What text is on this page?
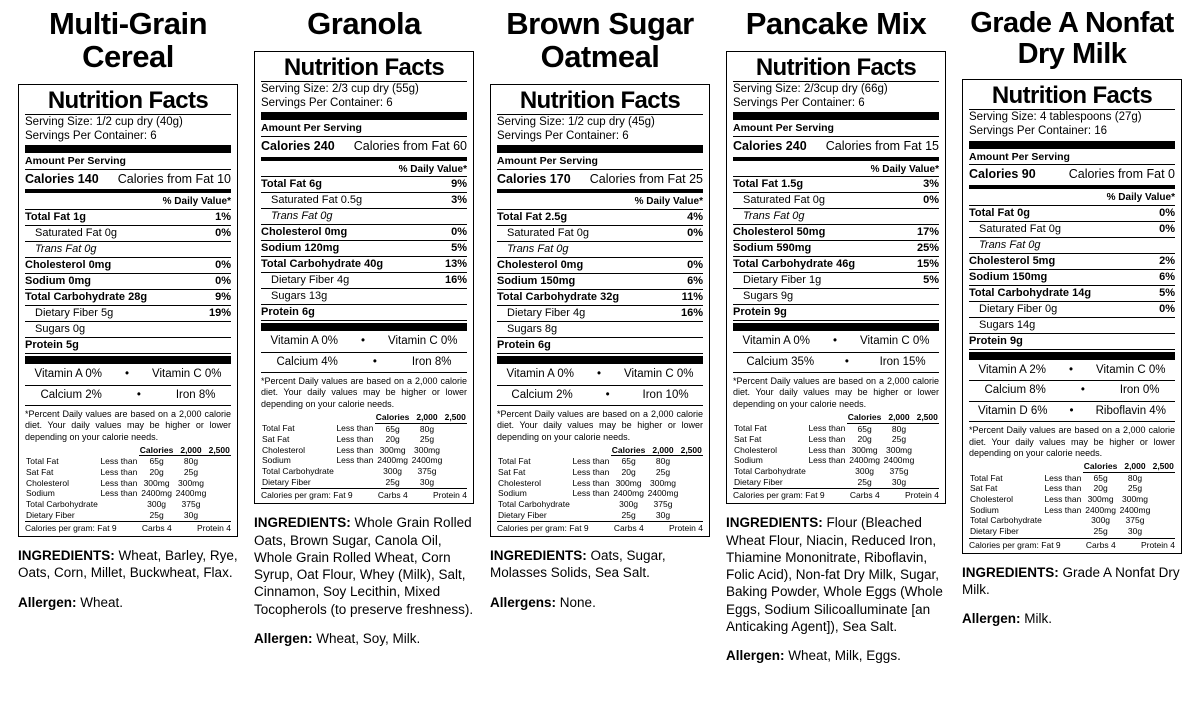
Multi-Grain Cereal
Nutrition Facts
Serving Size: 1/2 cup dry (40g)
Servings Per Container: 6
Amount Per Serving
Calories 140 Calories from Fat 10
% Daily Value*
Total Fat 1g	1%
Saturated Fat 0g	0%
Trans Fat 0g
Cholesterol 0mg	0%
Sodium 0mg	0%
Total Carbohydrate 28g	9%
Dietary Fiber 5g	19%
Sugars 0g
Protein 5g
Vitamin A 0%	•	Vitamin C 0%
Calcium 2%	•	Iron 8%
*Percent Daily values are based on a 2,000 calorie diet. Your daily values may be higher or lower depending on your calorie needs.
		Calories	2,000	2,500
Total Fat	Less than	65g	80g	
Sat Fat	Less than	20g	25g	
Cholesterol	Less than	300mg	300mg	
Sodium	Less than	2400mg	2400mg	
Total Carbohydrate		300g	375g	
Dietary Fiber		25g	30g	
Calories per gram: Fat 9	Carbs 4	Protein 4
INGREDIENTS: Wheat, Barley, Rye, Oats, Corn, Millet, Buckwheat, Flax.
Allergen: Wheat.
Granola
Nutrition Facts
Serving Size: 2/3 cup dry (55g)
Servings Per Container: 6
Amount Per Serving
Calories 240 Calories from Fat 60
% Daily Value*
Total Fat 6g	9%
Saturated Fat 0.5g	3%
Trans Fat 0g
Cholesterol 0mg	0%
Sodium 120mg	5%
Total Carbohydrate 40g	13%
Dietary Fiber 4g	16%
Sugars 13g
Protein 6g
Vitamin A 0%	•	Vitamin C 0%
Calcium 4%	•	Iron 8%
*Percent Daily values are based on a 2,000 calorie diet. Your daily values may be higher or lower depending on your calorie needs.
		Calories	2,000	2,500
Total Fat	Less than	65g	80g	
Sat Fat	Less than	20g	25g	
Cholesterol	Less than	300mg	300mg	
Sodium	Less than	2400mg	2400mg	
Total Carbohydrate		300g	375g	
Dietary Fiber		25g	30g	
Calories per gram: Fat 9	Carbs 4	Protein 4
INGREDIENTS: Whole Grain Rolled Oats, Brown Sugar, Canola Oil, Whole Grain Rolled Wheat, Corn Syrup, Oat Flour, Whey (Milk), Salt, Cinnamon, Soy Lecithin, Mixed Tocopherols (to preserve freshness).
Allergen: Wheat, Soy, Milk.
Brown Sugar Oatmeal
Nutrition Facts
Serving Size: 1/2 cup dry (45g)
Servings Per Container: 6
Amount Per Serving
Calories 170 Calories from Fat 25
% Daily Value*
Total Fat 2.5g	4%
Saturated Fat 0g	0%
Trans Fat 0g
Cholesterol 0mg	0%
Sodium 150mg	6%
Total Carbohydrate 32g	11%
Dietary Fiber 4g	16%
Sugars 8g
Protein 6g
Vitamin A 0%	•	Vitamin C 0%
Calcium 2%	•	Iron 10%
*Percent Daily values are based on a 2,000 calorie diet. Your daily values may be higher or lower depending on your calorie needs.
		Calories	2,000	2,500
Total Fat	Less than	65g	80g	
Sat Fat	Less than	20g	25g	
Cholesterol	Less than	300mg	300mg	
Sodium	Less than	2400mg	2400mg	
Total Carbohydrate		300g	375g	
Dietary Fiber		25g	30g	
Calories per gram: Fat 9	Carbs 4	Protein 4
INGREDIENTS: Oats, Sugar, Molasses Solids, Sea Salt.
Allergens: None.
Pancake Mix
Nutrition Facts
Serving Size: 2/3cup dry (66g)
Servings Per Container: 6
Amount Per Serving
Calories 240 Calories from Fat 15
% Daily Value*
Total Fat 1.5g	3%
Saturated Fat 0g	0%
Trans Fat 0g
Cholesterol 50mg	17%
Sodium 590mg	25%
Total Carbohydrate 46g	15%
Dietary Fiber 1g	5%
Sugars 9g
Protein 9g
Vitamin A 0%	•	Vitamin C 0%
Calcium 35%	•	Iron 15%
*Percent Daily values are based on a 2,000 calorie diet. Your daily values may be higher or lower depending on your calorie needs.
		Calories	2,000	2,500
Total Fat	Less than	65g	80g	
Sat Fat	Less than	20g	25g	
Cholesterol	Less than	300mg	300mg	
Sodium	Less than	2400mg	2400mg	
Total Carbohydrate		300g	375g	
Dietary Fiber		25g	30g	
Calories per gram: Fat 9	Carbs 4	Protein 4
INGREDIENTS: Flour (Bleached Wheat Flour, Niacin, Reduced Iron, Thiamine Mononitrate, Riboflavin, Folic Acid), Non-fat Dry Milk, Sugar, Baking Powder, Whole Eggs (Whole Eggs, Sodium Silicoalluminate [an Anticaking Agent]), Sea Salt.
Allergen: Wheat, Milk, Eggs.
Grade A Nonfat Dry Milk
Nutrition Facts
Serving Size: 4 tablespoons (27g)
Servings Per Container: 16
Amount Per Serving
Calories 90	Calories from Fat 0
% Daily Value*
Total Fat 0g	0%
Saturated Fat 0g	0%
Trans Fat 0g
Cholesterol 5mg	2%
Sodium 150mg	6%
Total Carbohydrate 14g	5%
Dietary Fiber 0g	0%
Sugars 14g
Protein 9g
Vitamin A 2%	•	Vitamin C 0%
Calcium 8%	•	Iron 0%
Vitamin D 6%	•	Riboflavin 4%
*Percent Daily values are based on a 2,000 calorie diet. Your daily values may be higher or lower depending on your calorie needs.
		Calories	2,000	2,500
Total Fat	Less than	65g	80g	
Sat Fat	Less than	20g	25g	
Cholesterol	Less than	300mg	300mg	
Sodium	Less than	2400mg	2400mg	
Total Carbohydrate		300g	375g	
Dietary Fiber		25g	30g	
Calories per gram: Fat 9	Carbs 4	Protein 4
INGREDIENTS: Grade A Nonfat Dry Milk.
Allergen: Milk.
